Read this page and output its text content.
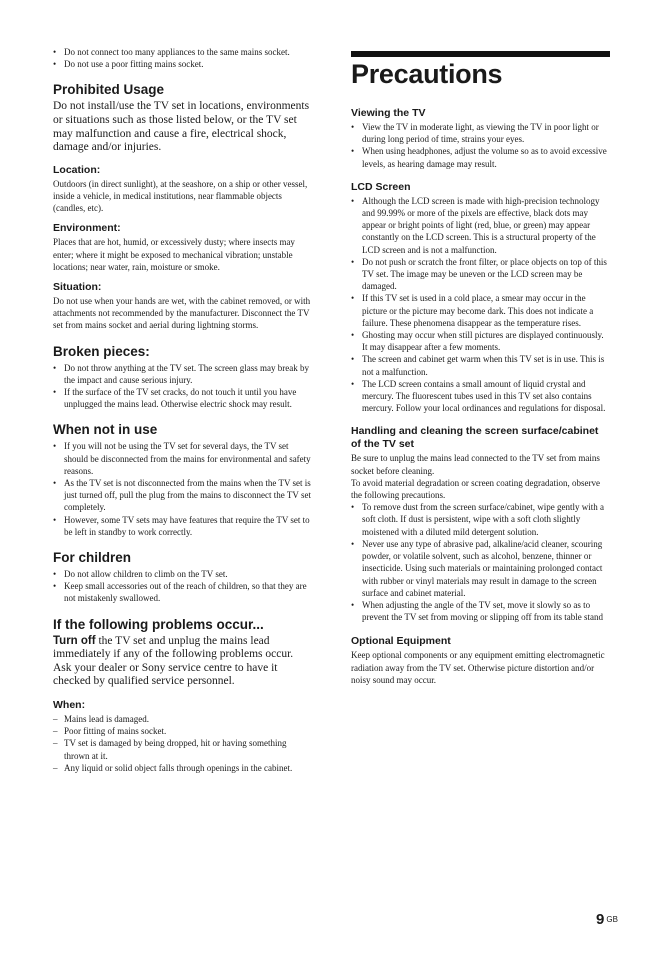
• Do not connect too many appliances to the same mains socket.
• Do not use a poor fitting mains socket.
Prohibited Usage

Do not install/use the TV set in locations, environments or situations such as those listed below, or the TV set may malfunction and cause a fire, electrical shock, damage and/or injuries.

Location:

Outdoors (in direct sunlight), at the seashore, on a ship or other vessel, inside a vehicle, in medical institutions, near flammable objects (candles, etc).

Environment:

Places that are hot, humid, or excessively dusty; where insects may enter; where it might be exposed to mechanical vibration; unstable locations; near water, rain, moisture or smoke.

Situation:

Do not use when your hands are wet, with the cabinet removed, or with attachments not recommended by the manufacturer. Disconnect the TV set from mains socket and aerial during lightning storms.

Broken pieces:
• Do not throw anything at the TV set. The screen glass may break by the impact and cause serious injury.
• If the surface of the TV set cracks, do not touch it until you have unplugged the mains lead. Otherwise electric shock may result.
When not in use
• If you will not be using the TV set for several days, the TV set should be disconnected from the mains for environmental and safety reasons.
• As the TV set is not disconnected from the mains when the TV set is just turned off, pull the plug from the mains to disconnect the TV set completely.
• However, some TV sets may have features that require the TV set to be left in standby to work correctly.
For children
• Do not allow children to climb on the TV set.
• Keep small accessories out of the reach of children, so that they are not mistakenly swallowed.
If the following problems occur...

Turn off the TV set and unplug the mains lead immediately if any of the following problems occur. Ask your dealer or Sony service centre to have it checked by qualified service personnel.

When:
– Mains lead is damaged.
– Poor fitting of mains socket.
– TV set is damaged by being dropped, hit or having something thrown at it.
– Any liquid or solid object falls through openings in the cabinet.
Precautions
Viewing the TV
• View the TV in moderate light, as viewing the TV in poor light or during long period of time, strains your eyes.
• When using headphones, adjust the volume so as to avoid excessive levels, as hearing damage may result.
LCD Screen
• Although the LCD screen is made with high-precision technology and 99.99% or more of the pixels are effective, black dots may appear or bright points of light (red, blue, or green) may appear constantly on the LCD screen. This is a structural property of the LCD screen and is not a malfunction.
• Do not push or scratch the front filter, or place objects on top of this TV set. The image may be uneven or the LCD screen may be damaged.
• If this TV set is used in a cold place, a smear may occur in the picture or the picture may become dark. This does not indicate a failure. These phenomena disappear as the temperature rises.
• Ghosting may occur when still pictures are displayed continuously. It may disappear after a few moments.
• The screen and cabinet get warm when this TV set is in use. This is not a malfunction.
• The LCD screen contains a small amount of liquid crystal and mercury. The fluorescent tubes used in this TV set also contains mercury. Follow your local ordinances and regulations for disposal.
Handling and cleaning the screen surface/cabinet of the TV set

Be sure to unplug the mains lead connected to the TV set from mains socket before cleaning.

To avoid material degradation or screen coating degradation, observe the following precautions.

• To remove dust from the screen surface/cabinet, wipe gently with a soft cloth. If dust is persistent, wipe with a soft cloth slightly moistened with a diluted mild detergent solution.
• Never use any type of abrasive pad, alkaline/acid cleaner, scouring powder, or volatile solvent, such as alcohol, benzene, thinner or insecticide. Using such materials or maintaining prolonged contact with rubber or vinyl materials may result in damage to the screen surface and cabinet material.
• When adjusting the angle of the TV set, move it slowly so as to prevent the TV set from moving or slipping off from its table stand
Optional Equipment

Keep optional components or any equipment emitting electromagnetic radiation away from the TV set. Otherwise picture distortion and/or noisy sound may occur.

9 GB
